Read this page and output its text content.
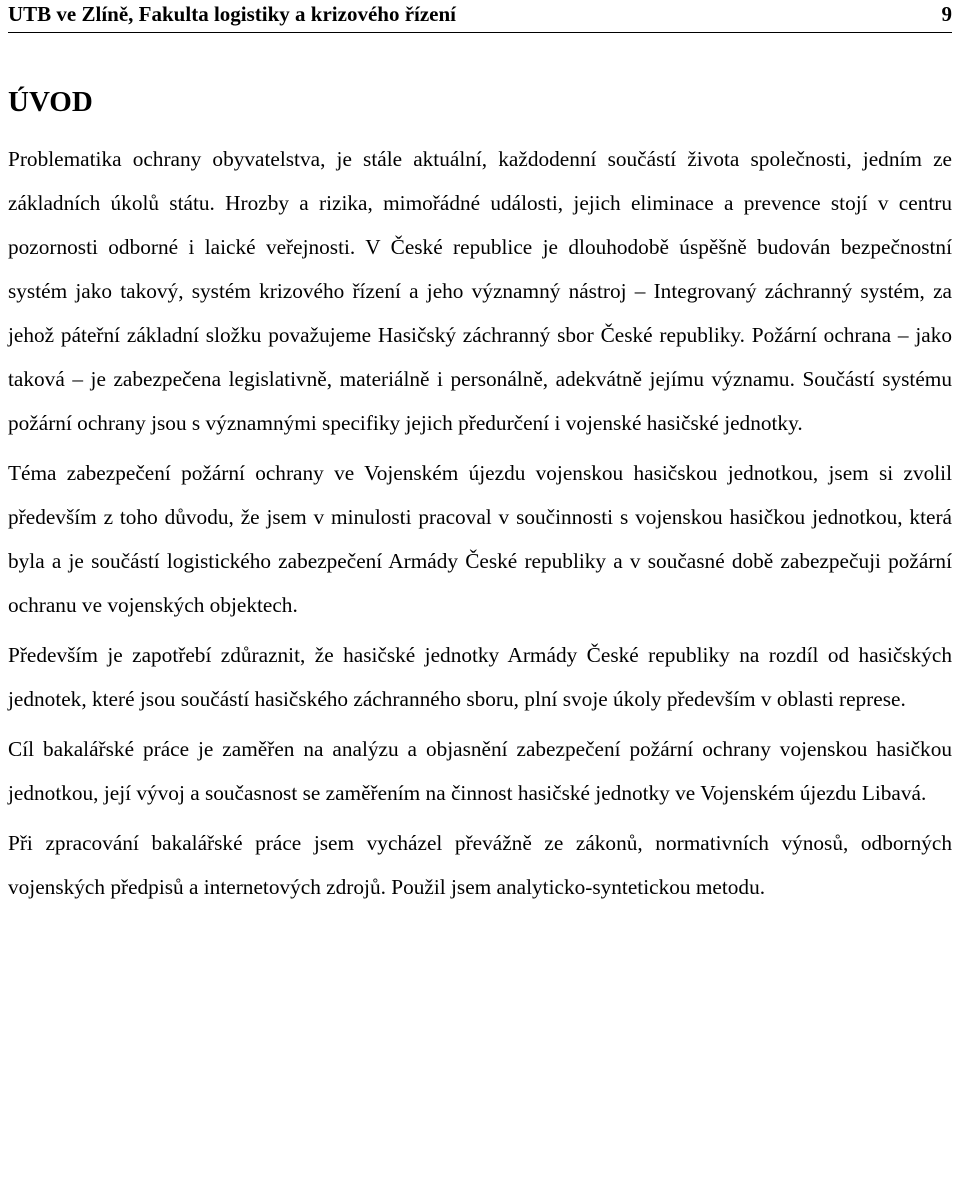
UTB ve Zlíně, Fakulta logistiky a krizového řízení	9
ÚVOD

Problematika ochrany obyvatelstva, je stále aktuální, každodenní součástí života společnosti, jedním ze základních úkolů státu. Hrozby a rizika, mimořádné události, jejich eliminace a prevence stojí v centru pozornosti odborné i laické veřejnosti. V České republice je dlouhodobě úspěšně budován bezpečnostní systém jako takový, systém krizového řízení a jeho významný nástroj – Integrovaný záchranný systém, za jehož páteřní základní složku považujeme Hasičský záchranný sbor České republiky. Požární ochrana – jako taková – je zabezpečena legislativně, materiálně i personálně, adekvátně jejímu významu. Součástí systému požární ochrany jsou s významnými specifiky jejich předurčení i vojenské hasičské jednotky.

Téma zabezpečení požární ochrany ve Vojenském újezdu vojenskou hasičskou jednotkou, jsem si zvolil především z toho důvodu, že jsem v minulosti pracoval v součinnosti s vojenskou hasičkou jednotkou, která byla a je součástí logistického zabezpečení Armády České republiky a v současné době zabezpečuji požární ochranu ve vojenských objektech.

Především je zapotřebí zdůraznit, že hasičské jednotky Armády České republiky na rozdíl od hasičských jednotek, které jsou součástí hasičského záchranného sboru, plní svoje úkoly především v oblasti represe.

Cíl bakalářské práce je zaměřen na analýzu a objasnění zabezpečení požární ochrany vojenskou hasičkou jednotkou, její vývoj a současnost se zaměřením na činnost hasičské jednotky ve Vojenském újezdu Libavá.

Při zpracování bakalářské práce jsem vycházel převážně ze zákonů, normativních výnosů, odborných vojenských předpisů a internetových zdrojů. Použil jsem analyticko-syntetickou metodu.
